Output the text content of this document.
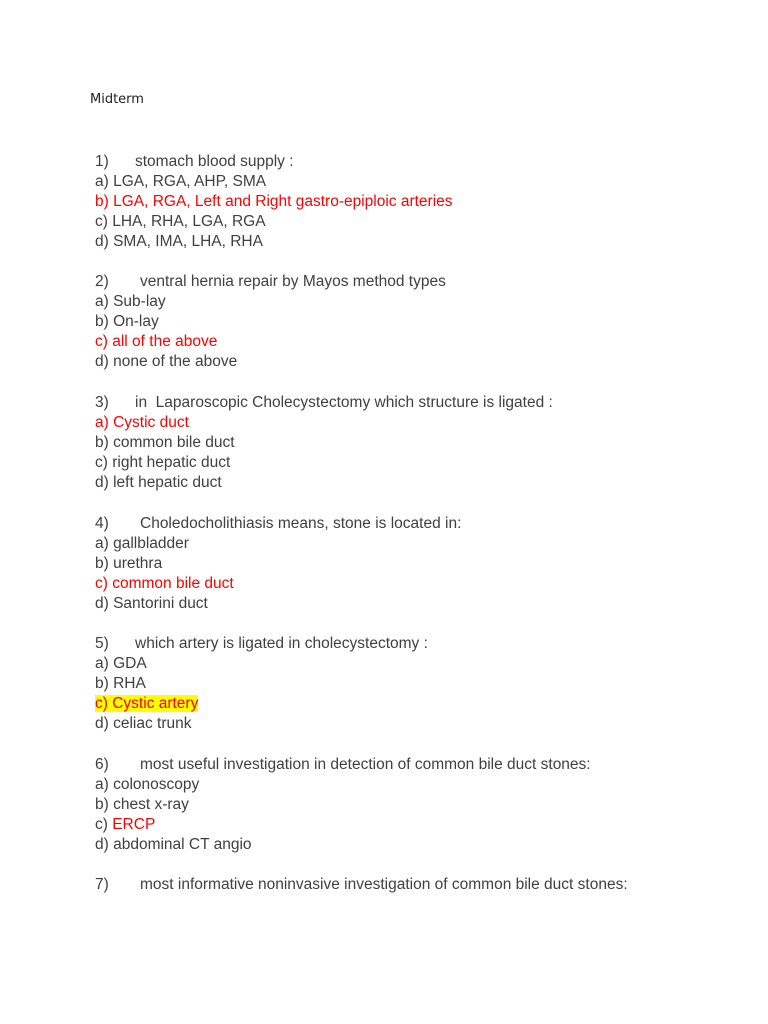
Midterm
1) stomach blood supply :
a) LGA, RGA, AHP, SMA
b) LGA, RGA, Left and Right gastro-epiploic arteries
c) LHA, RHA, LGA, RGA
d) SMA, IMA, LHA, RHA
2) ventral hernia repair by Mayos method types
a) Sub-lay
b) On-lay
c) all of the above
d) none of the above
3) in  Laparoscopic Cholecystectomy which structure is ligated :
a) Cystic duct
b) common bile duct
c) right hepatic duct
d) left hepatic duct
4) Choledocholithiasis means, stone is located in:
a) gallbladder
b) urethra
c) common bile duct
d) Santorini duct
5) which artery is ligated in cholecystectomy :
a) GDA
b) RHA
c) Cystic artery
d) celiac trunk
6) most useful investigation in detection of common bile duct stones:
a) colonoscopy
b) chest x-ray
c) ERCP
d) abdominal CT angio
7) most informative noninvasive investigation of common bile duct stones:
